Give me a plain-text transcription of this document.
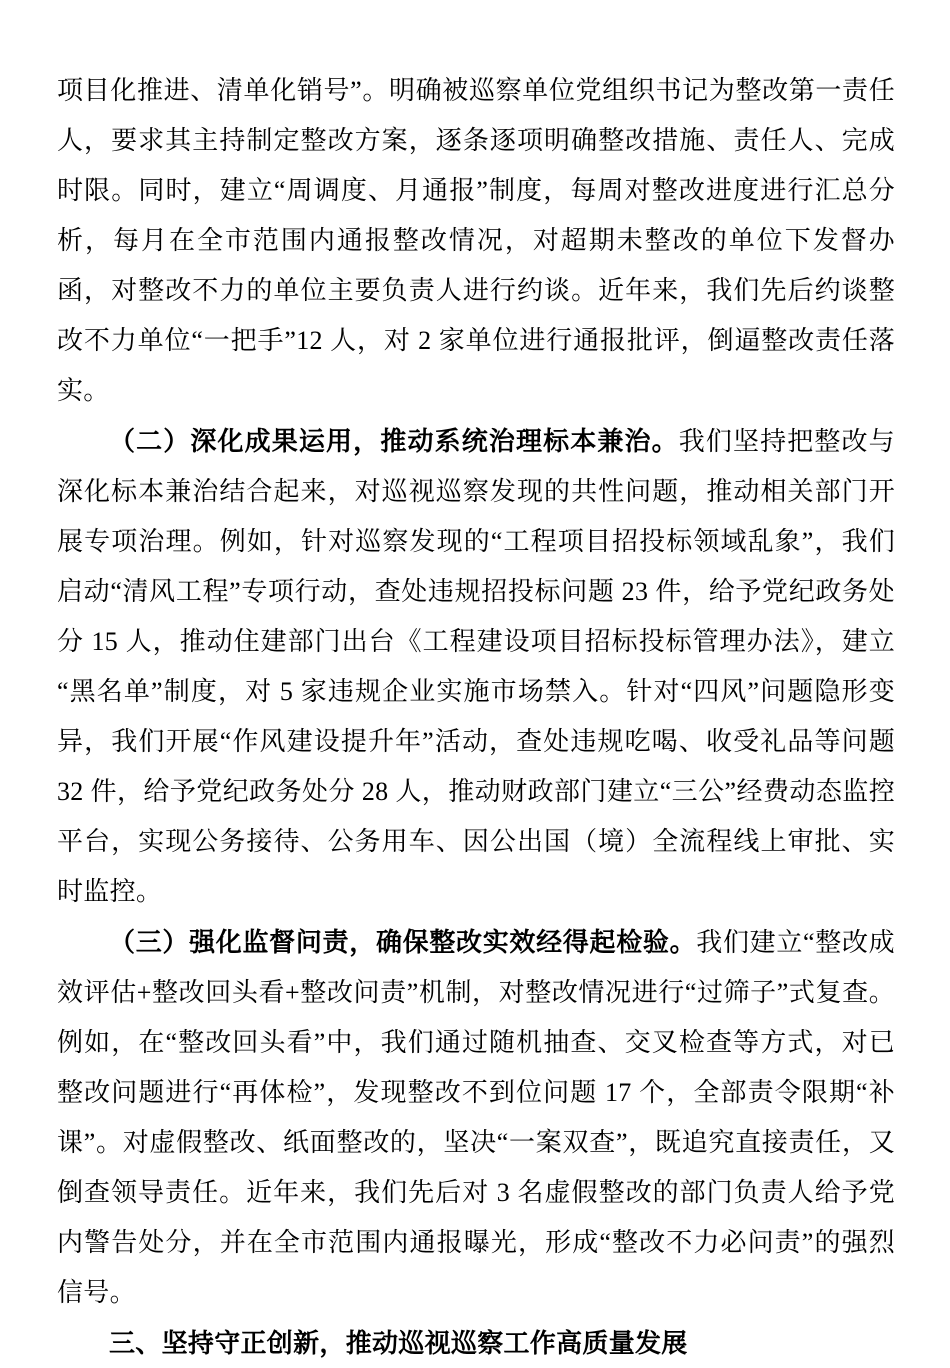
项目化推进、清单化销号”。明确被巡察单位党组织书记为整改第一责任人，要求其主持制定整改方案，逐条逐项明确整改措施、责任人、完成时限。同时，建立“周调度、月通报”制度，每周对整改进度进行汇总分析，每月在全市范围内通报整改情况，对超期未整改的单位下发督办函，对整改不力的单位主要负责人进行约谈。近年来，我们先后约谈整改不力单位“一把手”12 人，对 2 家单位进行通报批评，倒逼整改责任落实。

（二）深化成果运用，推动系统治理标本兼治。我们坚持把整改与深化标本兼治结合起来，对巡视巡察发现的共性问题，推动相关部门开展专项治理。例如，针对巡察发现的“工程项目招投标领域乱象”，我们启动“清风工程”专项行动，查处违规招投标问题 23 件，给予党纪政务处分 15 人，推动住建部门出台《工程建设项目招标投标管理办法》，建立“黑名单”制度，对 5 家违规企业实施市场禁入。针对“四风”问题隐形变异，我们开展“作风建设提升年”活动，查处违规吃喝、收受礼品等问题 32 件，给予党纪政务处分 28 人，推动财政部门建立“三公”经费动态监控平台，实现公务接待、公务用车、因公出国（境）全流程线上审批、实时监控。

（三）强化监督问责，确保整改实效经得起检验。我们建立“整改成效评估+整改回头看+整改问责”机制，对整改情况进行“过筛子”式复查。例如，在“整改回头看”中，我们通过随机抽查、交叉检查等方式，对已整改问题进行“再体检”，发现整改不到位问题 17 个，全部责令限期“补课”。对虚假整改、纸面整改的，坚决“一案双查”，既追究直接责任，又倒查领导责任。近年来，我们先后对 3 名虚假整改的部门负责人给予党内警告处分，并在全市范围内通报曝光，形成“整改不力必问责”的强烈信号。

三、坚持守正创新，推动巡视巡察工作高质量发展
